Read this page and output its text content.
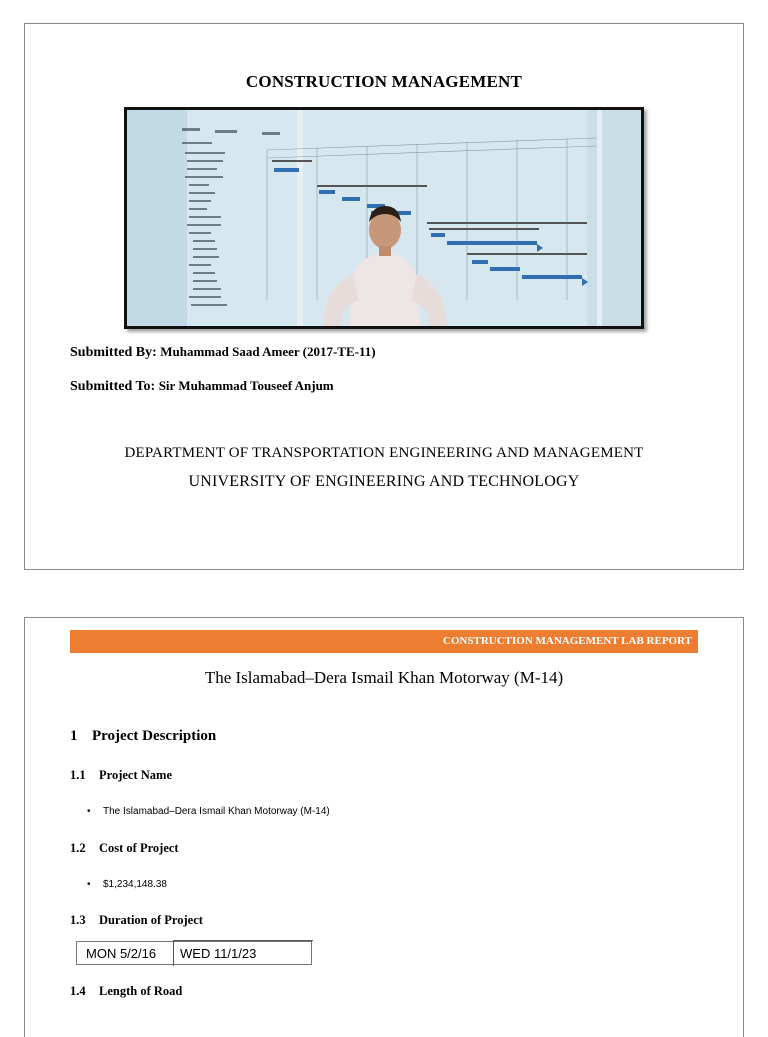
CONSTRUCTION MANAGEMENT
Submitted By: Muhammad Saad Ameer (2017-TE-11)
Submitted To: Sir Muhammad Touseef Anjum
DEPARTMENT OF TRANSPORTATION ENGINEERING AND MANAGEMENT
UNIVERSITY OF ENGINEERING AND TECHNOLOGY
CONSTRUCTION MANAGEMENT LAB REPORT
The Islamabad–Dera Ismail Khan Motorway (M-14)
1 Project Description
1.1 Project Name
• The Islamabad–Dera Ismail Khan Motorway (M-14)
1.2 Cost of Project
• $1,234,148.38
1.3 Duration of Project
MON 5/2/16	WED 11/1/23
1.4 Length of Road
